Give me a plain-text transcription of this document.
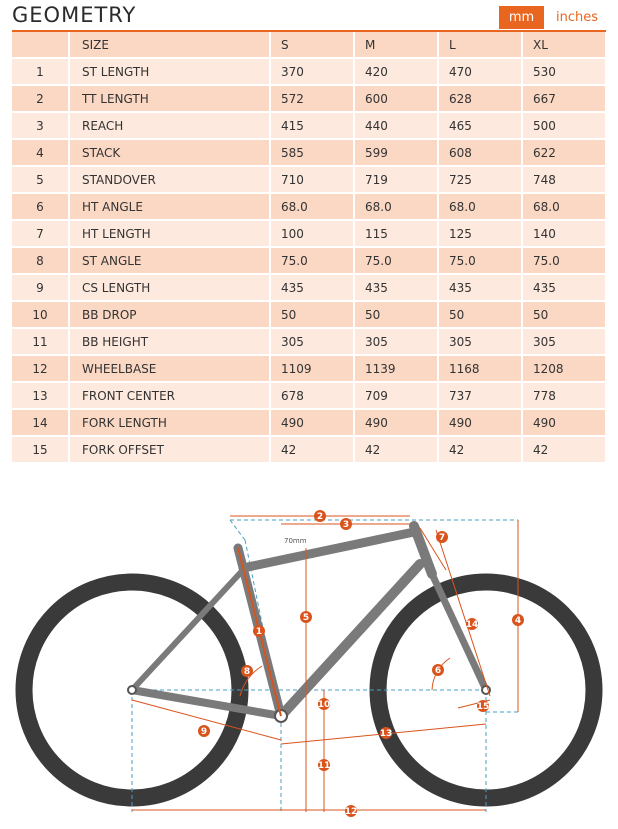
GEOMETRY	mm	inches
	SIZE	S	M	L	XL
1	ST LENGTH	370	420	470	530
2	TT LENGTH	572	600	628	667
3	REACH	415	440	465	500
4	STACK	585	599	608	622
5	STANDOVER	710	719	725	748
6	HT ANGLE	68.0	68.0	68.0	68.0
7	HT LENGTH	100	115	125	140
8	ST ANGLE	75.0	75.0	75.0	75.0
9	CS LENGTH	435	435	435	435
10	BB DROP	50	50	50	50
11	BB HEIGHT	305	305	305	305
12	WHEELBASE	1109	1139	1168	1208
13	FRONT CENTER	678	709	737	778
14	FORK LENGTH	490	490	490	490
15	FORK OFFSET	42	42	42	42
70mm
1
2
3
4
5
6
7
8
9
10
11
12
13
14
15
